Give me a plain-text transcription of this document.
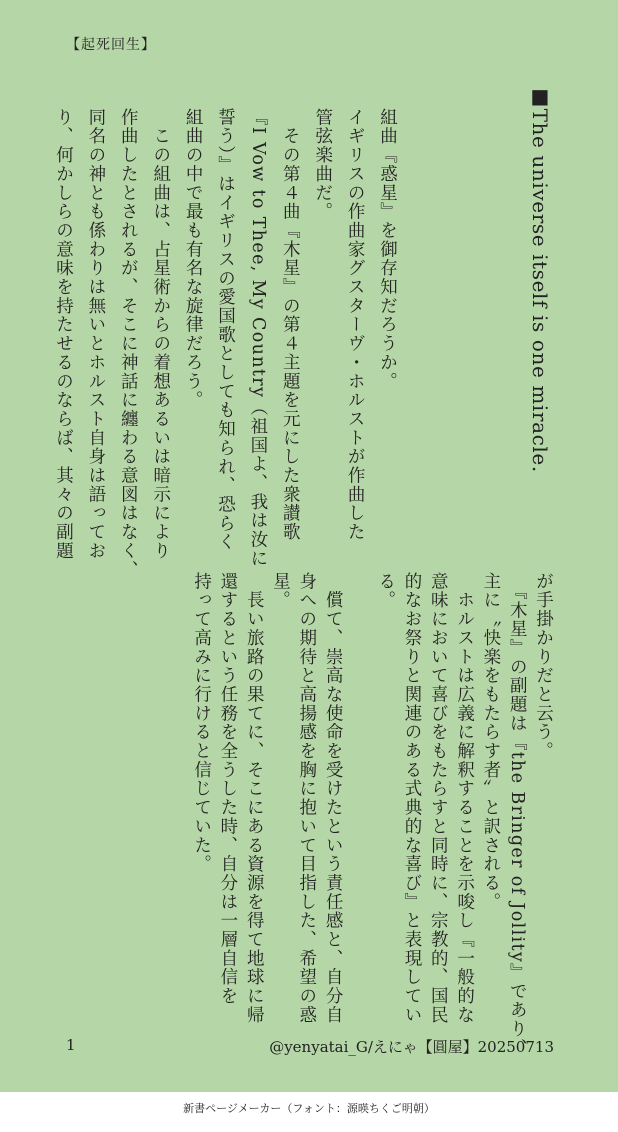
【起死回生】
■The universe itself is one miracle.
組曲『惑星』を御存知だろうか。
イギリスの作曲家グスターヴ・ホルストが作曲した
管弦楽曲だ。
　その第４曲『木星』の第４主題を元にした衆讃歌
『I Vow to Thee, My Country（祖国よ、我は汝に
誓う）』はイギリスの愛国歌としても知られ、恐らく
組曲の中で最も有名な旋律だろう。
　この組曲は、占星術からの着想あるいは暗示により
作曲したとされるが、そこに神話に纏わる意図はなく、
同名の神とも係わりは無いとホルスト自身は語ってお
り、何かしらの意味を持たせるのならば、其々の副題
が手掛かりだと云う。
　『木星』の副題は『the Bringer of Jollity』であり、
主に〝快楽をもたらす者〟と訳される。
　ホルストは広義に解釈することを示唆し『一般的な
意味において喜びをもたらすと同時に、宗教的、国民
的なお祭りと関連のある式典的な喜び』と表現してい
る。
　償て、崇高な使命を受けたという責任感と、自分自
身への期待と高揚感を胸に抱いて目指した、希望の惑
星。
　長い旅路の果てに、そこにある資源を得て地球に帰
還するという任務を全うした時、自分は一層自信を
持って高みに行けると信じていた。
1	@yenyatai_G/えにゃ【圓屋】20250713
新書ページメーカー（フォント：源暎ちくご明朝）
